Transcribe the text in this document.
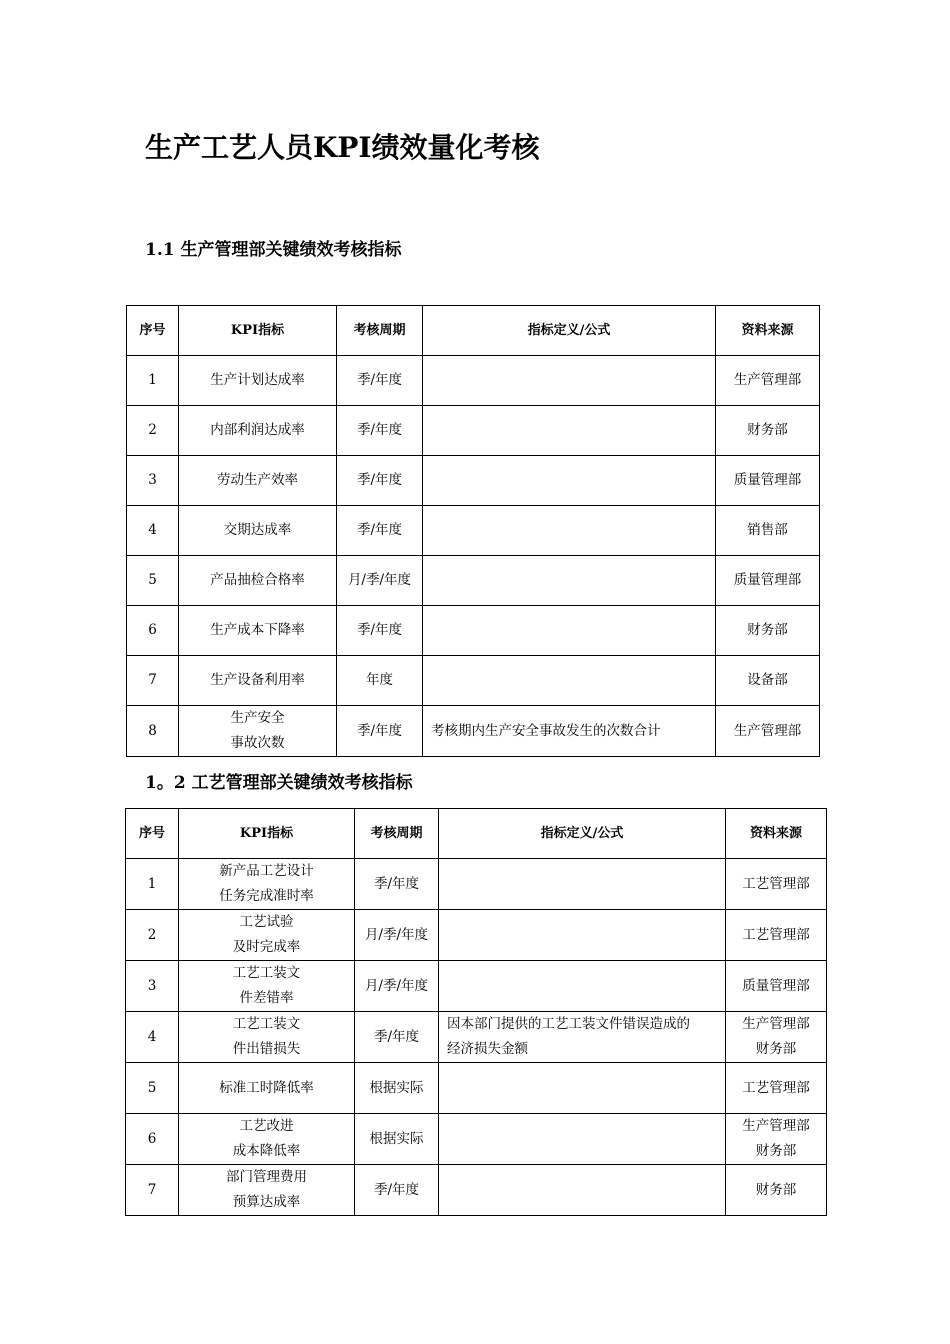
生产工艺人员KPI绩效量化考核
1.1 生产管理部关键绩效考核指标
序号	KPI指标	考核周期	指标定义/公式	资料来源
1	生产计划达成率	季/年度		生产管理部

2	内部利润达成率	季/年度		财务部

3	劳动生产效率	季/年度		质量管理部

4	交期达成率	季/年度		销售部

5	产品抽检合格率	月/季/年度		质量管理部

6	生产成本下降率	季/年度		财务部

7	生产设备利用率	年度		设备部

8	生产安全
事故次数	季/年度	考核期内生产安全事故发生的次数合计	生产管理部
1。2 工艺管理部关键绩效考核指标
序号	KPI指标	考核周期	指标定义/公式	资料来源
1	新产品工艺设计
任务完成准时率	季/年度		工艺管理部

2	工艺试验
及时完成率	月/季/年度		工艺管理部

3	工艺工装文
件差错率	月/季/年度		质量管理部

4	工艺工装文
件出错损失	季/年度	因本部门提供的工艺工装文件错误造成的
经济损失金额	生产管理部
财务部

5	标准工时降低率	根据实际		工艺管理部

6	工艺改进
成本降低率	根据实际		生产管理部
财务部

7	部门管理费用
预算达成率	季/年度		财务部
